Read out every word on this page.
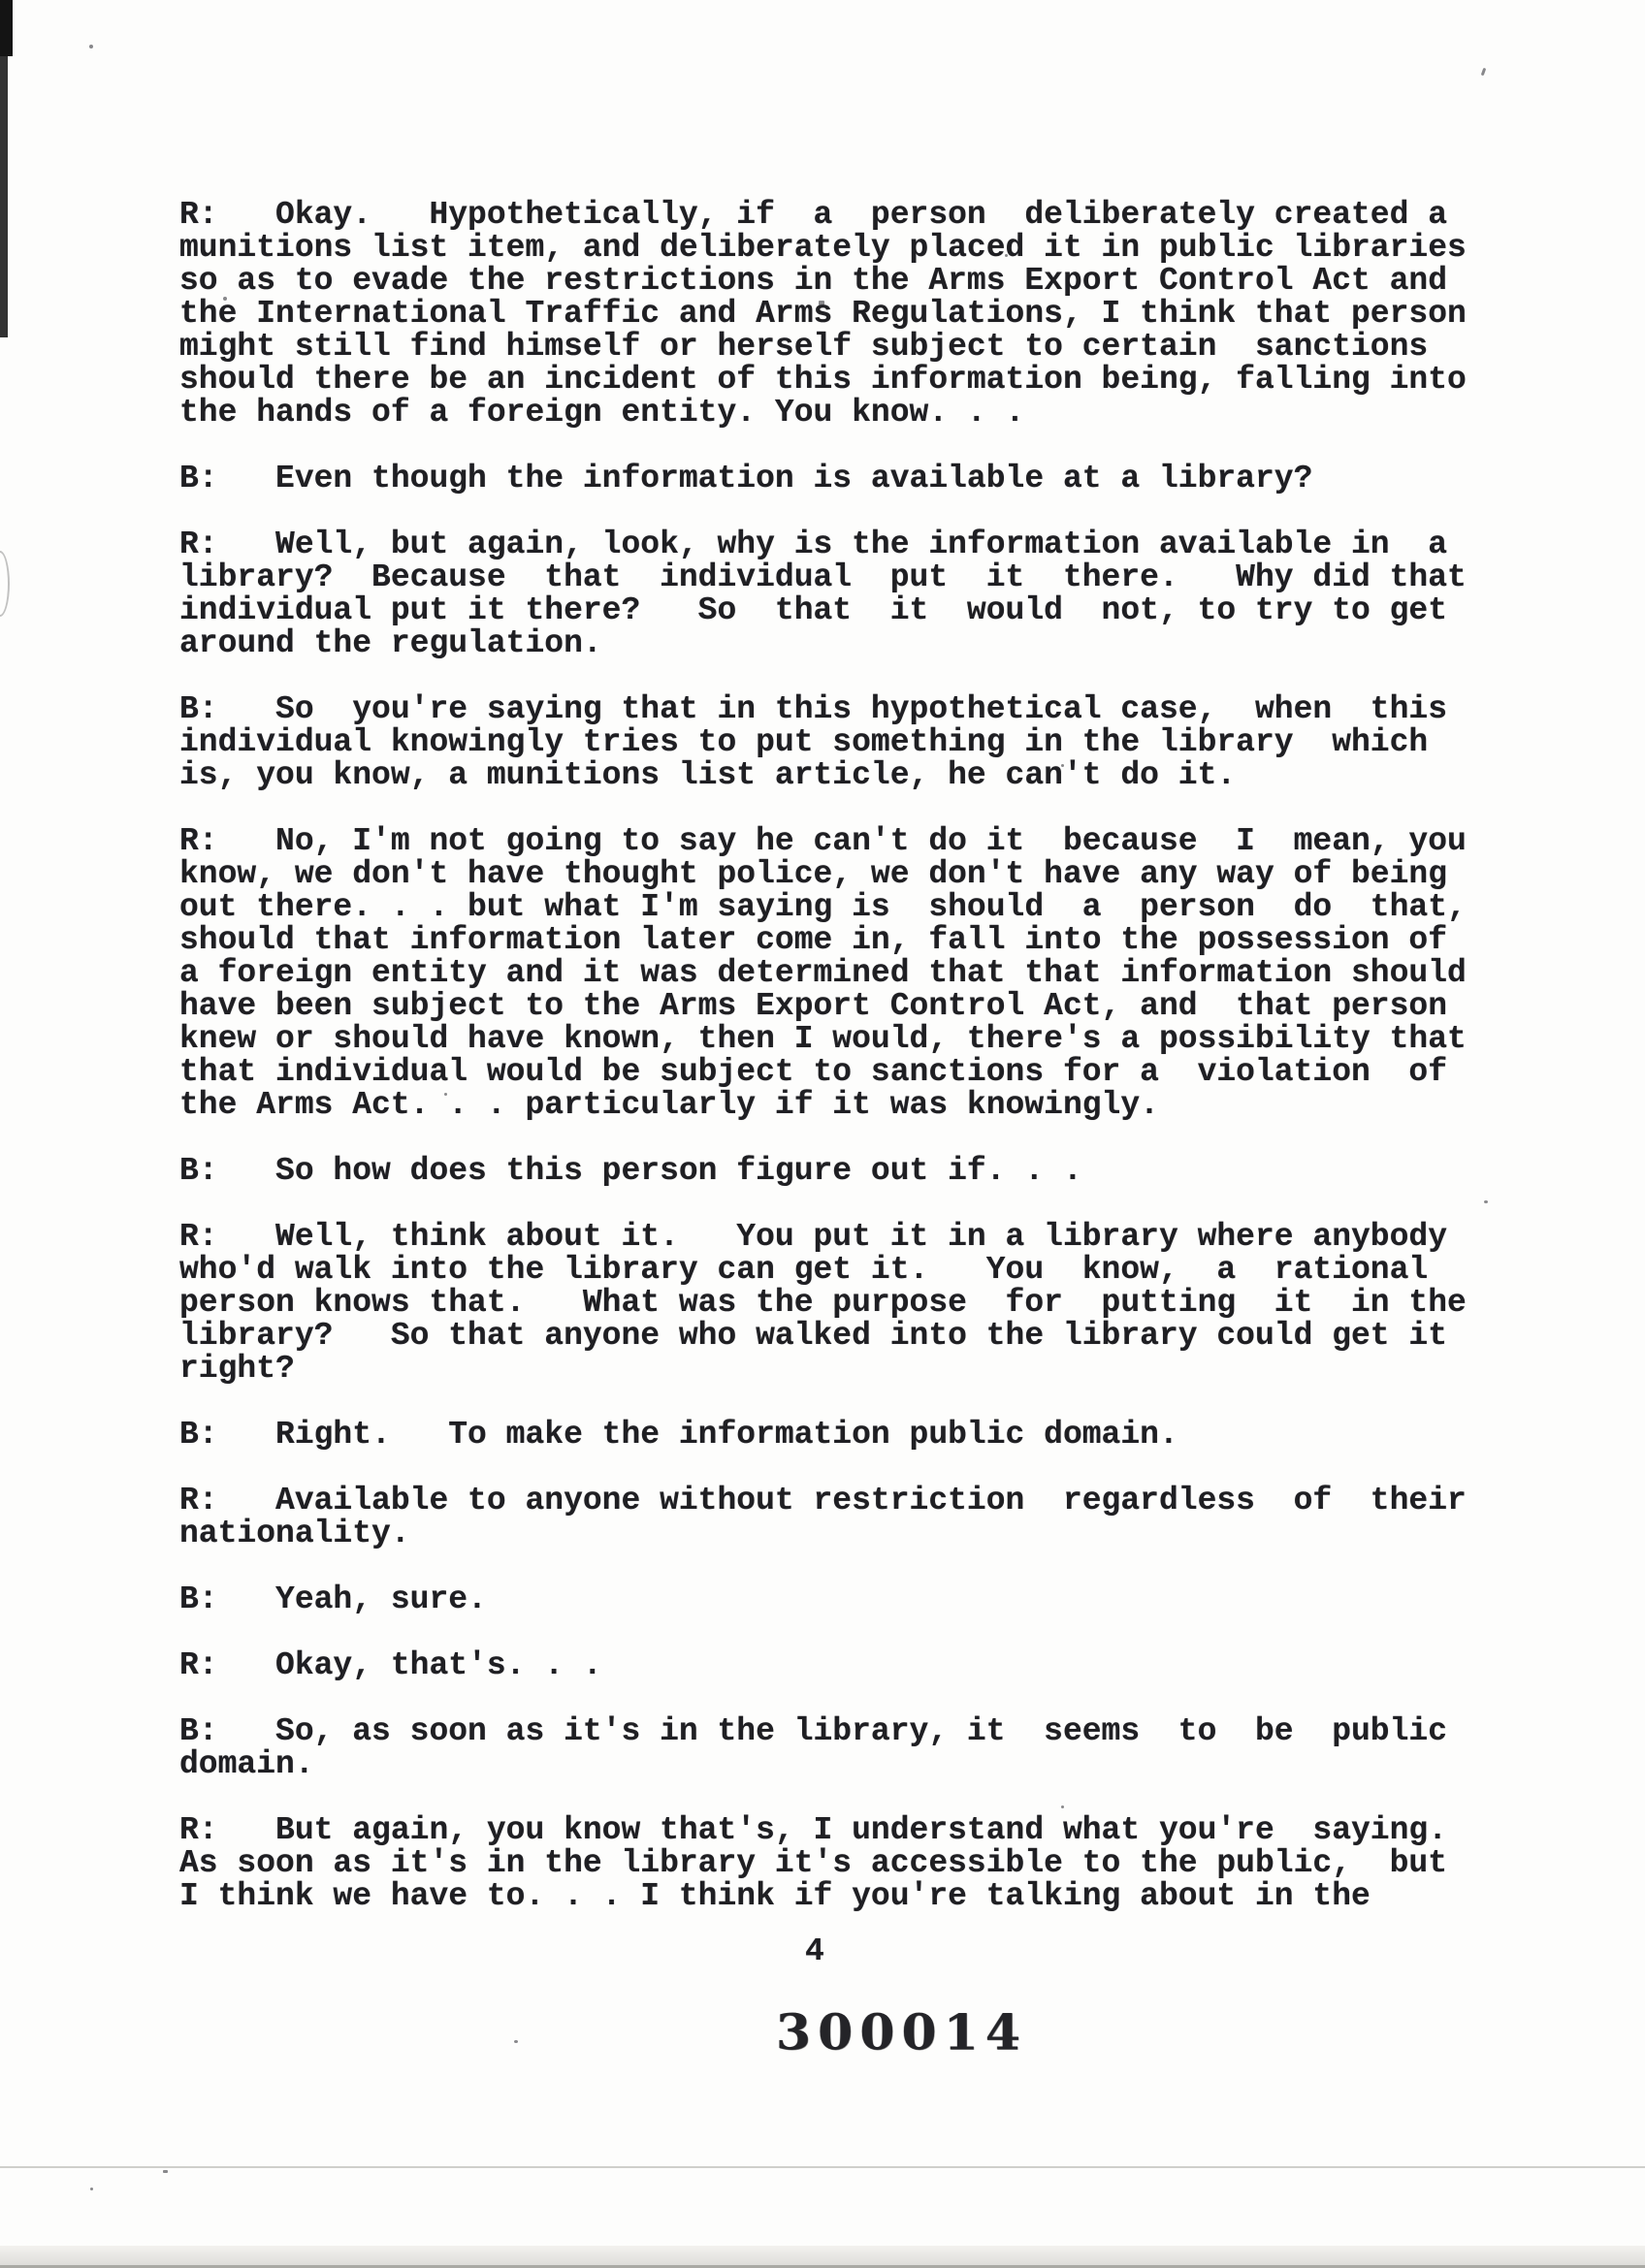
R:   Okay.   Hypothetically, if  a  person  deliberately created a
munitions list item, and deliberately placed it in public libraries
so as to evade the restrictions in the Arms Export Control Act and
the International Traffic and Arms Regulations, I think that person
might still find himself or herself subject to certain  sanctions
should there be an incident of this information being, falling into
the hands of a foreign entity. You know. . .
B:   Even though the information is available at a library?
R:   Well, but again, look, why is the information available in  a
library?  Because  that  individual  put  it  there.   Why did that
individual put it there?   So  that  it  would  not, to try to get
around the regulation.
B:   So  you're saying that in this hypothetical case,  when  this
individual knowingly tries to put something in the library  which
is, you know, a munitions list article, he can't do it.
R:   No, I'm not going to say he can't do it  because  I  mean, you
know, we don't have thought police, we don't have any way of being
out there. . . but what I'm saying is  should  a  person  do  that,
should that information later come in, fall into the possession of
a foreign entity and it was determined that that information should
have been subject to the Arms Export Control Act, and  that person
knew or should have known, then I would, there's a possibility that
that individual would be subject to sanctions for a  violation  of
the Arms Act. . . particularly if it was knowingly.
B:   So how does this person figure out if. . .
R:   Well, think about it.   You put it in a library where anybody
who'd walk into the library can get it.   You  know,  a  rational
person knows that.   What was the purpose  for  putting  it  in the
library?   So that anyone who walked into the library could get it
right?
B:   Right.   To make the information public domain.
R:   Available to anyone without restriction  regardless  of  their
nationality.
B:   Yeah, sure.
R:   Okay, that's. . .
B:   So, as soon as it's in the library, it  seems  to  be  public
domain.
R:   But again, you know that's, I understand what you're  saying.
As soon as it's in the library it's accessible to the public,  but
I think we have to. . . I think if you're talking about in the
4
300014
